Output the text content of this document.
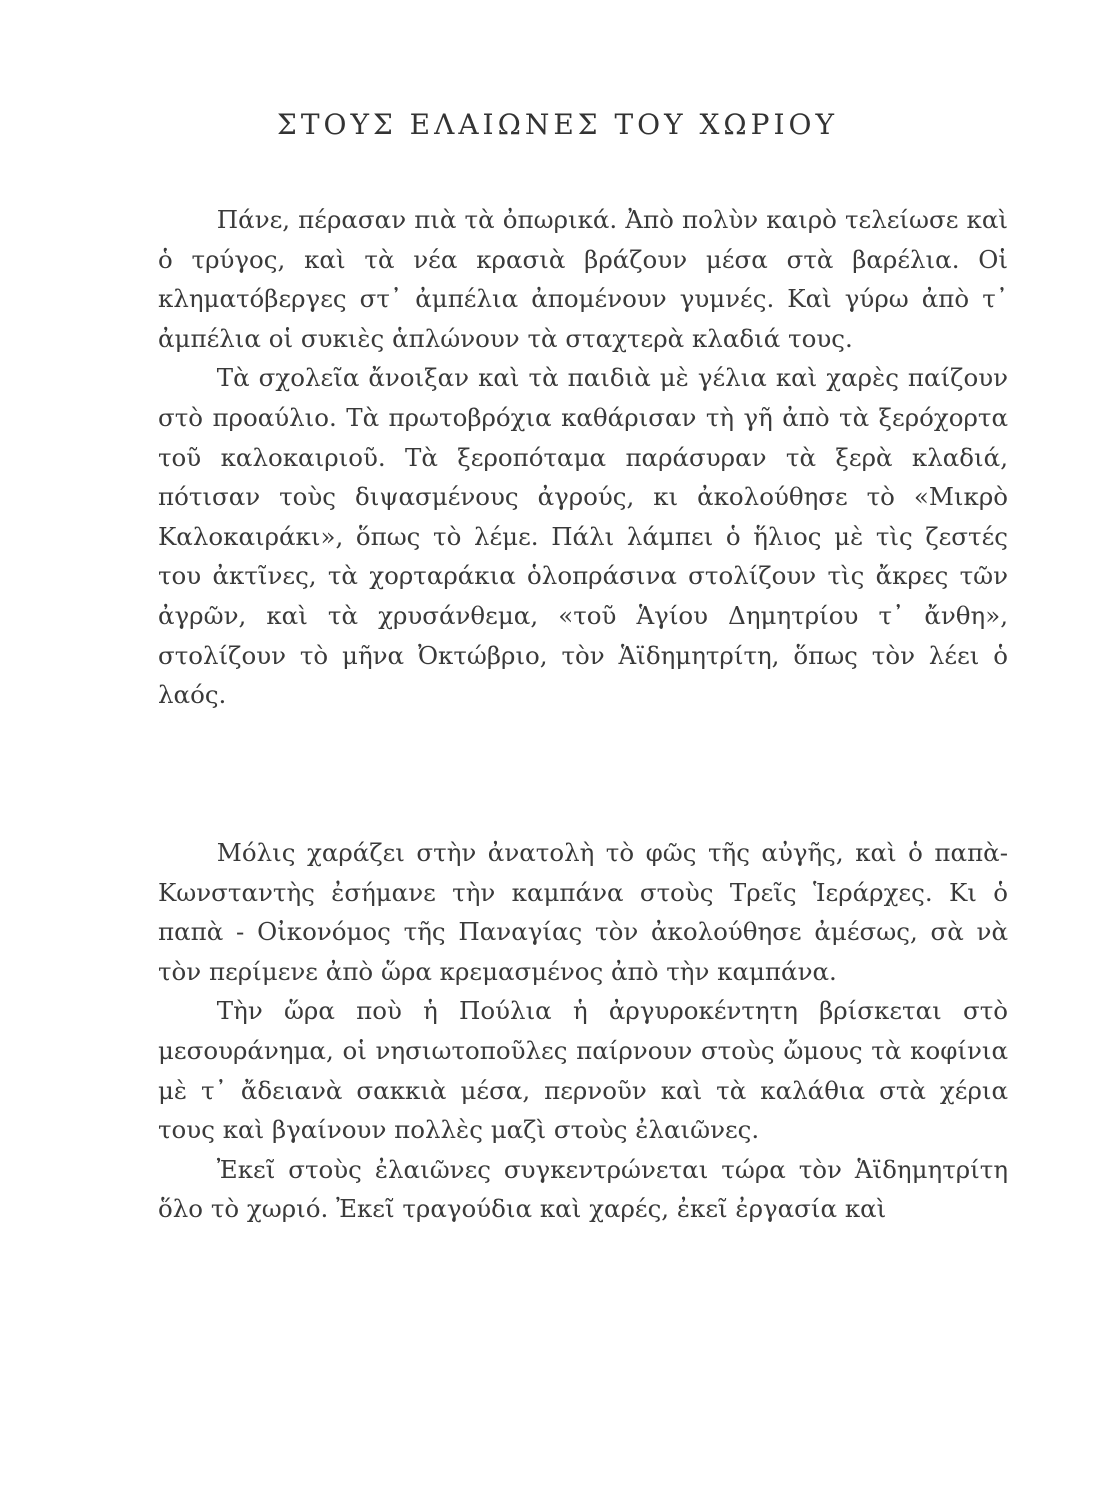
ΣΤΟΥΣ ΕΛΑΙΩΝΕΣ ΤΟΥ ΧΩΡΙΟΥ

Πάνε, πέρασαν πιὰ τὰ ὀπωρικά. Ἀπὸ πολὺν καιρὸ τελείωσε καὶ ὁ τρύγος, καὶ τὰ νέα κρασιὰ βράζουν μέσα στὰ βαρέλια. Οἱ κληματόβεργες στ᾿ ἀμπέλια ἀπομένουν γυμνές. Καὶ γύρω ἀπὸ τ᾿ ἀμπέλια οἱ συκιὲς ἁπλώνουν τὰ σταχτερὰ κλαδιά τους.

Τὰ σχολεῖα ἄνοιξαν καὶ τὰ παιδιὰ μὲ γέλια καὶ χαρὲς παίζουν στὸ προαύλιο. Τὰ πρωτοβρόχια καθάρισαν τὴ γῆ ἀπὸ τὰ ξερόχορτα τοῦ καλοκαιριοῦ. Τὰ ξεροπόταμα παράσυραν τὰ ξερὰ κλαδιά, πότισαν τοὺς διψασμένους ἀγρούς, κι ἀκολούθησε τὸ «Μικρὸ Καλοκαιράκι», ὅπως τὸ λέμε. Πάλι λάμπει ὁ ἥλιος μὲ τὶς ζεστές του ἀκτῖνες, τὰ χορταράκια ὁλοπράσινα στολίζουν τὶς ἄκρες τῶν ἀγρῶν, καὶ τὰ χρυσάνθεμα, «τοῦ Ἁγίου Δημητρίου τ᾿ ἄνθη», στολίζουν τὸ μῆνα Ὀκτώβριο, τὸν Ἁϊδημητρίτη, ὅπως τὸν λέει ὁ λαός.

Μόλις χαράζει στὴν ἀνατολὴ τὸ φῶς τῆς αὐγῆς, καὶ ὁ παπὰ-Κωνσταντὴς ἐσήμανε τὴν καμπάνα στοὺς Τρεῖς Ἱεράρχες. Κι ὁ παπὰ - Οἰκονόμος τῆς Παναγίας τὸν ἀκολούθησε ἀμέσως, σὰ νὰ τὸν περίμενε ἀπὸ ὥρα κρεμασμένος ἀπὸ τὴν καμπάνα.

Τὴν ὥρα ποὺ ἡ Πούλια ἡ ἀργυροκέντητη βρίσκεται στὸ μεσουράνημα, οἱ νησιωτοποῦλες παίρνουν στοὺς ὤμους τὰ κοφίνια μὲ τ᾿ ἄδειανὰ σακκιὰ μέσα, περνοῦν καὶ τὰ καλάθια στὰ χέρια τους καὶ βγαίνουν πολλὲς μαζὶ στοὺς ἐλαιῶνες.

Ἐκεῖ στοὺς ἐλαιῶνες συγκεντρώνεται τώρα τὸν Ἁϊδημητρίτη ὅλο τὸ χωριό. Ἐκεῖ τραγούδια καὶ χαρές, ἐκεῖ ἐργασία καὶ
